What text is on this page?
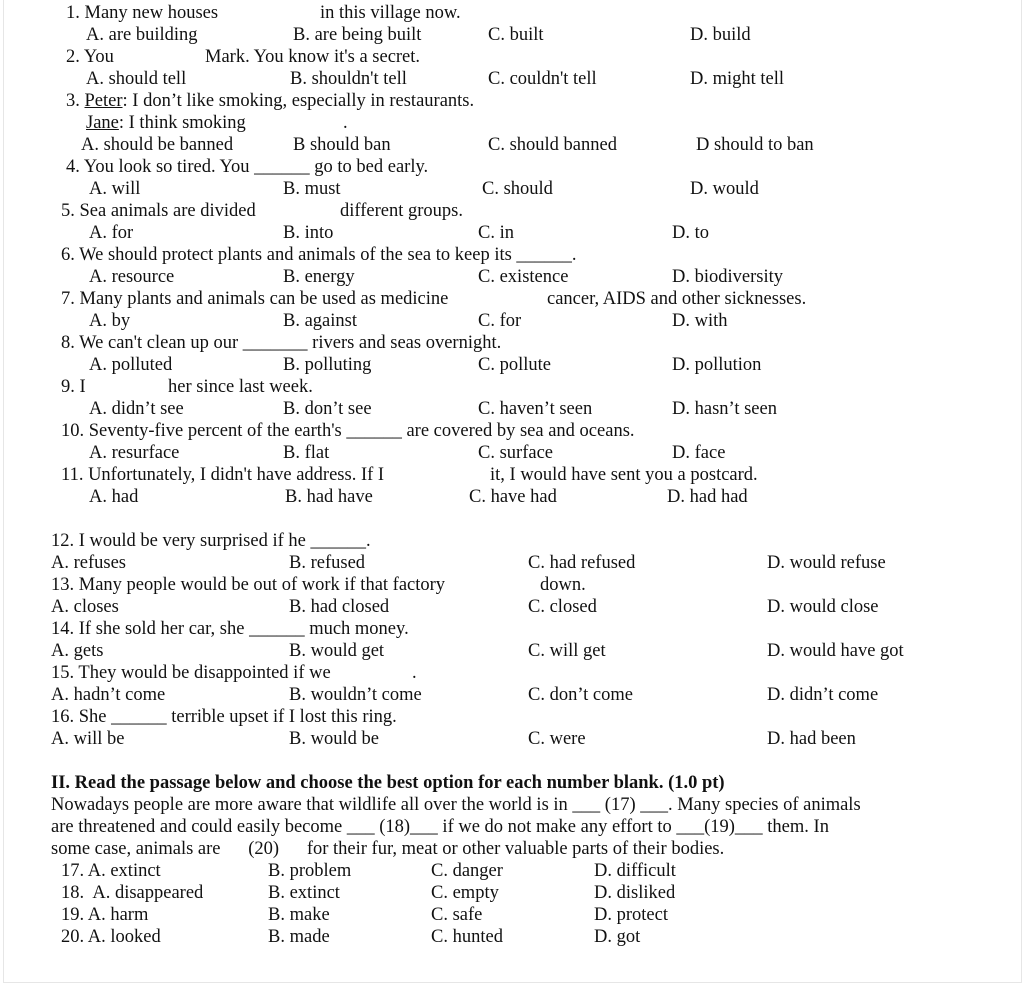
1. Many new houses	in this village now.
A. are building	B. are being built	C. built	D. build
2. You	Mark. You know it's a secret.
A. should tell	B. shouldn't tell	C. couldn't tell	D. might tell
3. Peter: I don’t like smoking, especially in restaurants.
Jane: I think smoking	.
A. should be banned	B should ban	C. should banned	D should to ban
4. You look so tired. You ______ go to bed early.
A. will	B. must	C. should	D. would
5. Sea animals are divided	different groups.
A. for	B. into	C. in	D. to
6. We should protect plants and animals of the sea to keep its ______.
A. resource	B. energy	C. existence	D. biodiversity
7. Many plants and animals can be used as medicine	cancer, AIDS and other sicknesses.
A. by	B. against	C. for	D. with
8. We can't clean up our _______ rivers and seas overnight.
A. polluted	B. polluting	C. pollute	D. pollution
9. I	her since last week.
A. didn’t see	B. don’t see	C. haven’t seen	D. hasn’t seen
10. Seventy-five percent of the earth's ______ are covered by sea and oceans.
A. resurface	B. flat	C. surface	D. face
11. Unfortunately, I didn't have address. If I	it, I would have sent you a postcard.
A. had	B. had have	C. have had	D. had had
12. I would be very surprised if he ______.
A. refuses	B. refused	C. had refused	D. would refuse
13. Many people would be out of work if that factory	down.
A. closes	B. had closed	C. closed	D. would close
14. If she sold her car, she ______ much money.
A. gets	B. would get	C. will get	D. would have got
15. They would be disappointed if we	.
A. hadn’t come	B. wouldn’t come	C. don’t come	D. didn’t come
16. She ______ terrible upset if I lost this ring.
A. will be	B. would be	C. were	D. had been
II. Read the passage below and choose the best option for each number blank. (1.0 pt)
Nowadays people are more aware that wildlife all over the world is in ___ (17) ___. Many species of animals
are threatened and could easily become ___ (18)___ if we do not make any effort to ___(19)___ them. In
some case, animals are      (20)      for their fur, meat or other valuable parts of their bodies.
17. A. extinct	B. problem	C. danger	D. difficult
18.  A. disappeared	B. extinct	C. empty	D. disliked
19. A. harm	B. make	C. safe	D. protect
20. A. looked	B. made	C. hunted	D. got
